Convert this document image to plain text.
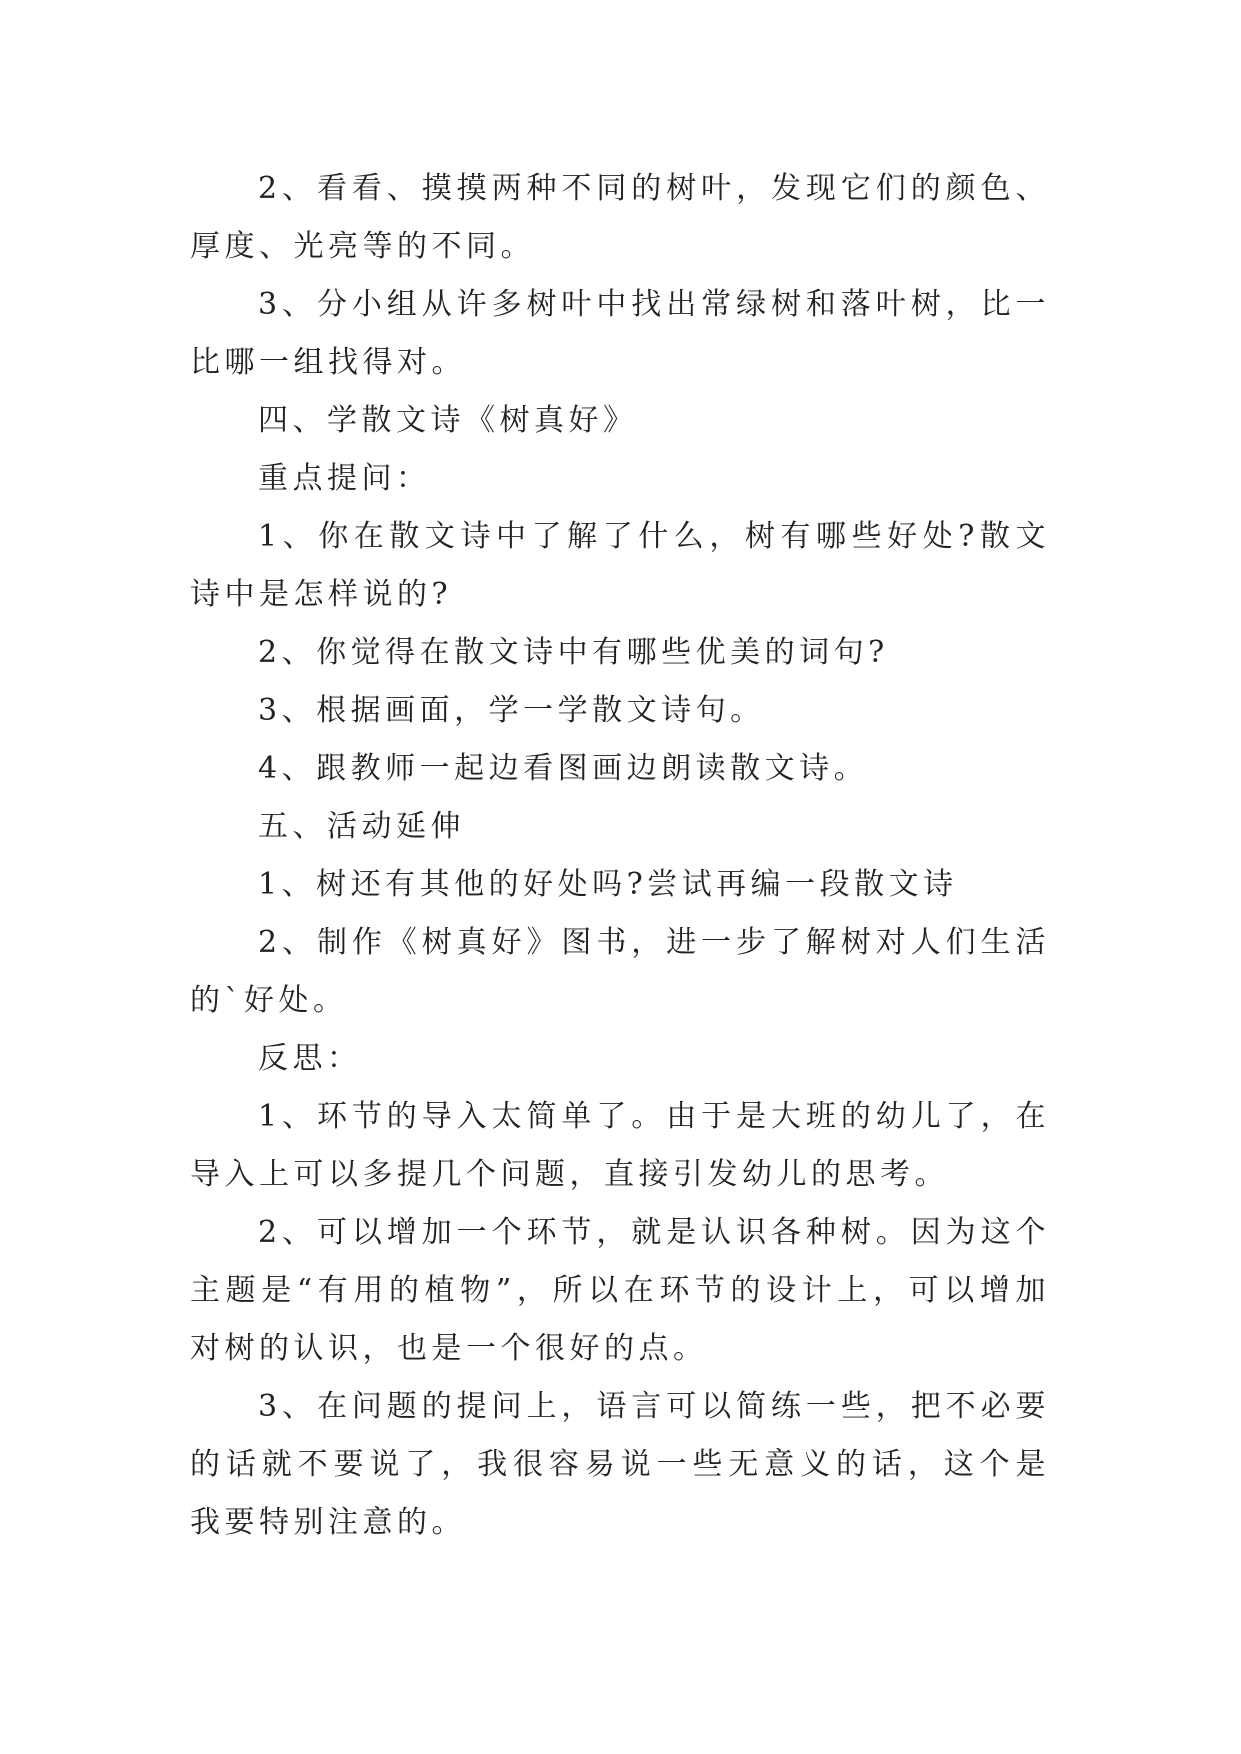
2、看看、摸摸两种不同的树叶，发现它们的颜色、厚度、光亮等的不同。

3、分小组从许多树叶中找出常绿树和落叶树，比一比哪一组找得对。

四、学散文诗《树真好》

重点提问：

1、你在散文诗中了解了什么，树有哪些好处?散文诗中是怎样说的?

2、你觉得在散文诗中有哪些优美的词句?

3、根据画面，学一学散文诗句。

4、跟教师一起边看图画边朗读散文诗。

五、活动延伸

1、树还有其他的好处吗?尝试再编一段散文诗

2、制作《树真好》图书，进一步了解树对人们生活的`好处。

反思：

1、环节的导入太简单了。由于是大班的幼儿了，在导入上可以多提几个问题，直接引发幼儿的思考。

2、可以增加一个环节，就是认识各种树。因为这个主题是“有用的植物”，所以在环节的设计上，可以增加对树的认识，也是一个很好的点。

3、在问题的提问上，语言可以简练一些，把不必要的话就不要说了，我很容易说一些无意义的话，这个是我要特别注意的。
